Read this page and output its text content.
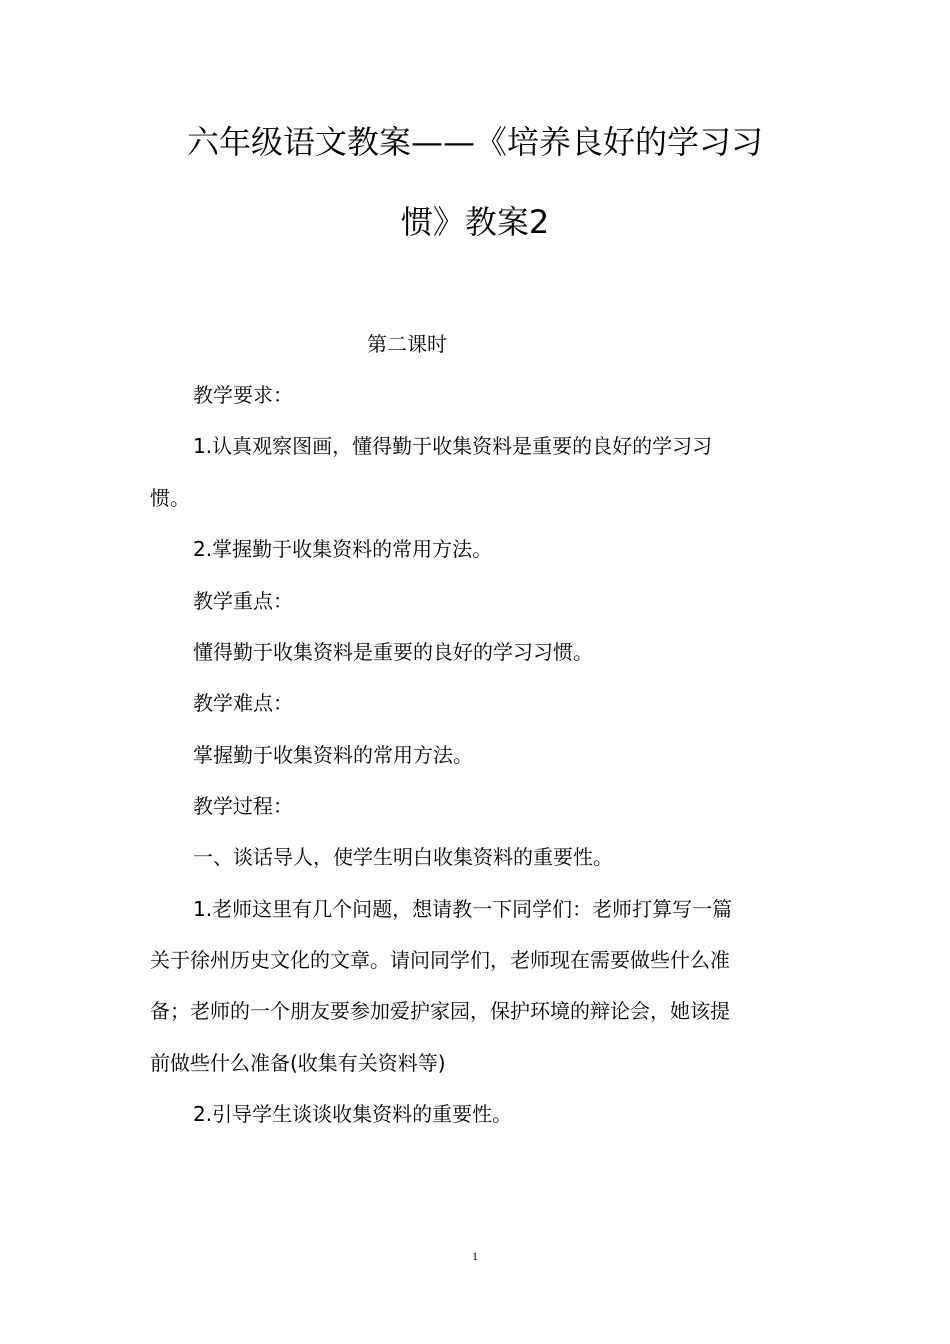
六年级语文教案——《培养良好的学习习
惯》教案2
第二课时
教学要求：
1.认真观察图画，懂得勤于收集资料是重要的良好的学习习
惯。
2.掌握勤于收集资料的常用方法。
教学重点：
懂得勤于收集资料是重要的良好的学习习惯。
教学难点：
掌握勤于收集资料的常用方法。
教学过程：
一、谈话导人，使学生明白收集资料的重要性。
1.老师这里有几个问题，想请教一下同学们：老师打算写一篇
关于徐州历史文化的文章。请问同学们，老师现在需要做些什么准
备；老师的一个朋友要参加爱护家园，保护环境的辩论会，她该提
前做些什么准备(收集有关资料等)
2.引导学生谈谈收集资料的重要性。
1
